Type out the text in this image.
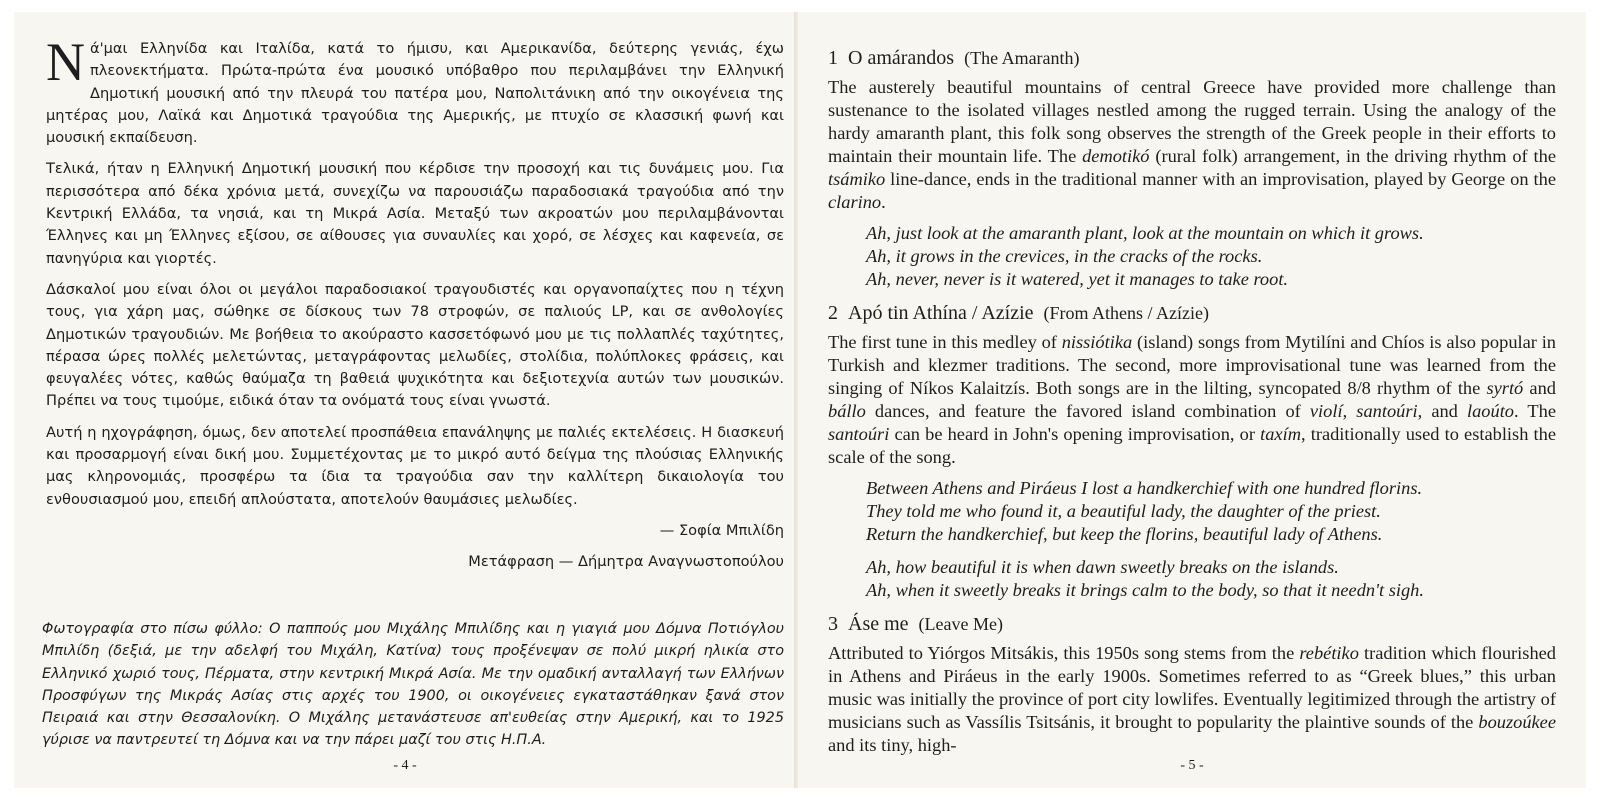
Νά'μαι Ελληνίδα και Ιταλίδα, κατά το ήμισυ, και Αμερικανίδα, δεύτερης γενιάς, έχω πλεονεκτήματα. Πρώτα-πρώτα ένα μουσικό υπόβαθρο που περιλαμβάνει την Ελληνική Δημοτική μουσική από την πλευρά του πατέρα μου, Ναπολιτάνικη από την οικογένεια της μητέρας μου, Λαϊκά και Δημοτικά τραγούδια της Αμερικής, με πτυχίο σε κλασσική φωνή και μουσική εκπαίδευση.

Τελικά, ήταν η Ελληνική Δημοτική μουσική που κέρδισε την προσοχή και τις δυνάμεις μου. Για περισσότερα από δέκα χρόνια μετά, συνεχίζω να παρουσιάζω παραδοσιακά τραγούδια από την Κεντρική Ελλάδα, τα νησιά, και τη Μικρά Ασία. Μεταξύ των ακροατών μου περιλαμβάνονται Έλληνες και μη Έλληνες εξίσου, σε αίθουσες για συναυλίες και χορό, σε λέσχες και καφενεία, σε πανηγύρια και γιορτές.

Δάσκαλοί μου είναι όλοι οι μεγάλοι παραδοσιακοί τραγουδιστές και οργανοπαίχτες που η τέχνη τους, για χάρη μας, σώθηκε σε δίσκους των 78 στροφών, σε παλιούς LP, και σε ανθολογίες Δημοτικών τραγουδιών. Με βοήθεια το ακούραστο κασσετόφωνό μου με τις πολλαπλές ταχύτητες, πέρασα ώρες πολλές μελετώντας, μεταγράφοντας μελωδίες, στολίδια, πολύπλοκες φράσεις, και φευγαλέες νότες, καθώς θαύμαζα τη βαθειά ψυχικότητα και δεξιοτεχνία αυτών των μουσικών. Πρέπει να τους τιμούμε, ειδικά όταν τα ονόματά τους είναι γνωστά.

Αυτή η ηχογράφηση, όμως, δεν αποτελεί προσπάθεια επανάληψης με παλιές εκτελέσεις. Η διασκευή και προσαρμογή είναι δική μου. Συμμετέχοντας με το μικρό αυτό δείγμα της πλούσιας Ελληνικής μας κληρονομιάς, προσφέρω τα ίδια τα τραγούδια σαν την καλλίτερη δικαιολογία του ενθουσιασμού μου, επειδή απλούστατα, αποτελούν θαυμάσιες μελωδίες.

— Σοφία Μπιλίδη

Μετάφραση — Δήμητρα Αναγνωστοπούλου

Φωτογραφία στο πίσω φύλλο: Ο παππούς μου Μιχάλης Μπιλίδης και η γιαγιά μου Δόμνα Ποτιόγλου Μπιλίδη (δεξιά, με την αδελφή του Μιχάλη, Κατίνα) τους προξένεψαν σε πολύ μικρή ηλικία στο Ελληνικό χωριό τους, Πέρματα, στην κεντρική Μικρά Ασία. Με την ομαδική ανταλλαγή των Ελλήνων Προσφύγων της Μικράς Ασίας στις αρχές του 1900, οι οικογένειες εγκαταστάθηκαν ξανά στον Πειραιά και στην Θεσσαλονίκη. Ο Μιχάλης μετανάστευσε απ'ευθείας στην Αμερική, και το 1925 γύρισε να παντρευτεί τη Δόμνα και να την πάρει μαζί του στις Η.Π.Α.
- 4 -
1 O amárandos (The Amaranth)

The austerely beautiful mountains of central Greece have provided more challenge than sustenance to the isolated villages nestled among the rugged terrain. Using the analogy of the hardy amaranth plant, this folk song observes the strength of the Greek people in their efforts to maintain their mountain life. The demotikó (rural folk) arrangement, in the driving rhythm of the tsámiko line-dance, ends in the traditional manner with an improvisation, played by George on the clarino.

Ah, just look at the amaranth plant, look at the mountain on which it grows.
Ah, it grows in the crevices, in the cracks of the rocks.
Ah, never, never is it watered, yet it manages to take root.
2 Apó tin Athína / Azízie (From Athens / Azízie)

The first tune in this medley of nissiótika (island) songs from Mytilíni and Chíos is also popular in Turkish and klezmer traditions. The second, more improvisational tune was learned from the singing of Níkos Kalaitzís. Both songs are in the lilting, syncopated 8/8 rhythm of the syrtó and bállo dances, and feature the favored island combination of violí, santoúri, and laoúto. The santoúri can be heard in John's opening improvisation, or taxím, traditionally used to establish the scale of the song.

Between Athens and Piráeus I lost a handkerchief with one hundred florins.
They told me who found it, a beautiful lady, the daughter of the priest.
Return the handkerchief, but keep the florins, beautiful lady of Athens.
Ah, how beautiful it is when dawn sweetly breaks on the islands.
Ah, when it sweetly breaks it brings calm to the body, so that it needn't sigh.
3 Áse me (Leave Me)

Attributed to Yiórgos Mitsákis, this 1950s song stems from the rebétiko tradition which flourished in Athens and Piráeus in the early 1900s. Sometimes referred to as “Greek blues,” this urban music was initially the province of port city lowlifes. Eventually legitimized through the artistry of musicians such as Vassílis Tsitsánis, it brought to popularity the plaintive sounds of the bouzoúkee and its tiny, high-

- 5 -
